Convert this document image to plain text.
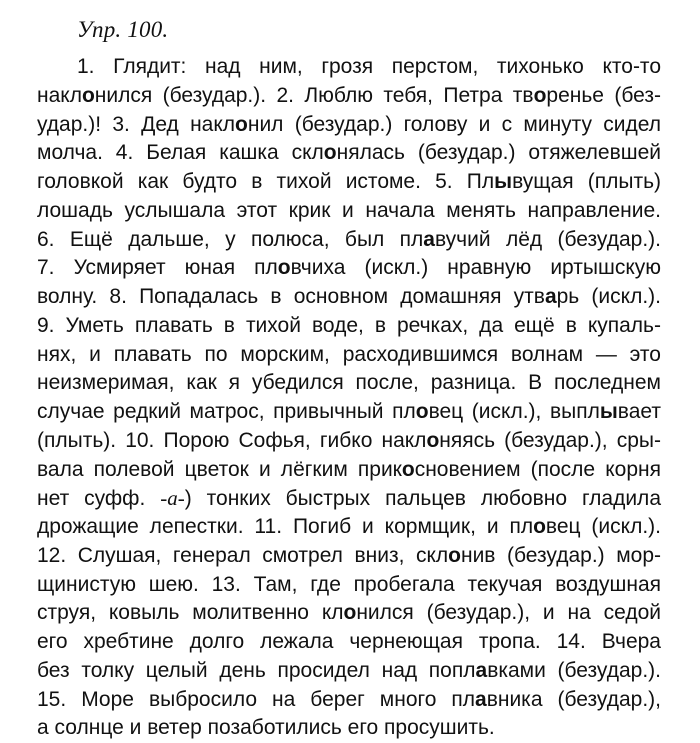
Упр. 100.
1. Глядит: над ним, грозя перстом, тихонько кто-то
наклонился (безудар.). 2. Люблю тебя, Петра творенье (без-
удар.)! 3. Дед наклонил (безудар.) голову и с минуту сидел
молча. 4. Белая кашка склонялась (безудар.) отяжелевшей
головкой как будто в тихой истоме. 5. Плывущая (плыть)
лошадь услышала этот крик и начала менять направление.
6. Ещё дальше, у полюса, был плавучий лёд (безудар.).
7. Усмиряет юная пловчиха (искл.) нравную иртышскую
волну. 8. Попадалась в основном домашняя утварь (искл.).
9. Уметь плавать в тихой воде, в речках, да ещё в купаль-
нях, и плавать по морским, расходившимся волнам — это
неизмеримая, как я убедился после, разница. В последнем
случае редкий матрос, привычный пловец (искл.), выплывает
(плыть). 10. Порою Софья, гибко наклоняясь (безудар.), сры-
вала полевой цветок и лёгким прикосновением (после корня
нет суфф. -а-) тонких быстрых пальцев любовно гладила
дрожащие лепестки. 11. Погиб и кормщик, и пловец (искл.).
12. Слушая, генерал смотрел вниз, склонив (безудар.) мор-
щинистую шею. 13. Там, где пробегала текучая воздушная
струя, ковыль молитвенно клонился (безудар.), и на седой
его хребтине долго лежала чернеющая тропа. 14. Вчера
без толку целый день просидел над поплавками (безудар.).
15. Море выбросило на берег много плавника (безудар.),
а солнце и ветер позаботились его просушить.
